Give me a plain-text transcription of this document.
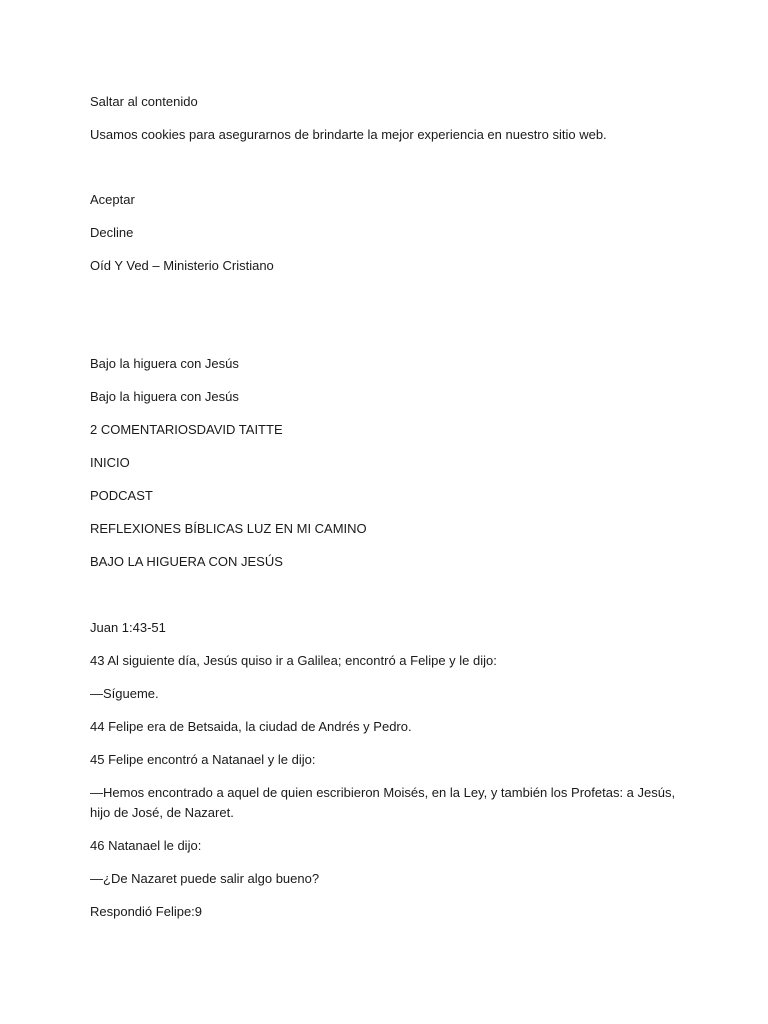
Saltar al contenido
Usamos cookies para asegurarnos de brindarte la mejor experiencia en nuestro sitio web.
Aceptar
Decline
Oíd Y Ved – Ministerio Cristiano
Bajo la higuera con Jesús
Bajo la higuera con Jesús
2 COMENTARIOSDAVID TAITTE
INICIO
PODCAST
REFLEXIONES BÍBLICAS LUZ EN MI CAMINO
BAJO LA HIGUERA CON JESÚS
Juan 1:43-51
43 Al siguiente día, Jesús quiso ir a Galilea; encontró a Felipe y le dijo:
—Sígueme.
44 Felipe era de Betsaida, la ciudad de Andrés y Pedro.
45 Felipe encontró a Natanael y le dijo:
—Hemos encontrado a aquel de quien escribieron Moisés, en la Ley, y también los Profetas: a Jesús, hijo de José, de Nazaret.
46 Natanael le dijo:
—¿De Nazaret puede salir algo bueno?
Respondió Felipe:9
